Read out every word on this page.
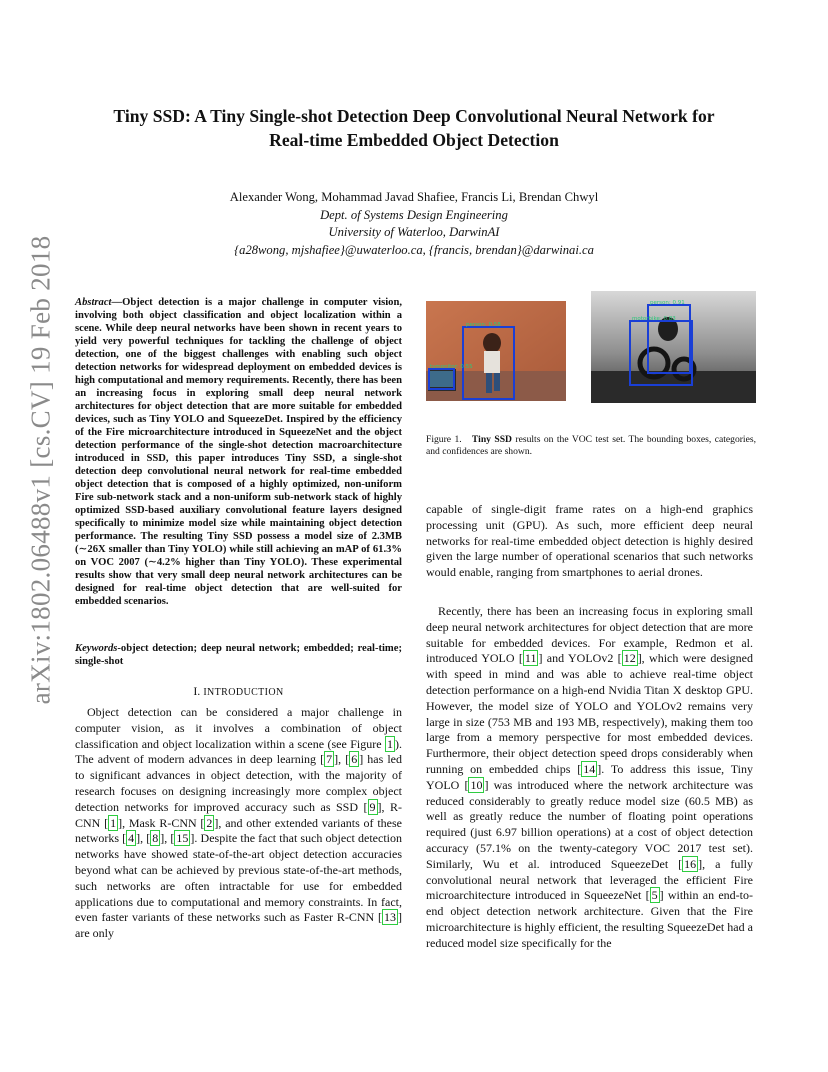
arXiv:1802.06488v1 [cs.CV] 19 Feb 2018
Tiny SSD: A Tiny Single-shot Detection Deep Convolutional Neural Network for
Real-time Embedded Object Detection
Alexander Wong, Mohammad Javad Shafiee, Francis Li, Brendan Chwyl
Dept. of Systems Design Engineering
University of Waterloo, DarwinAI
{a28wong, mjshafiee}@uwaterloo.ca, {francis, brendan}@darwinai.ca

Abstract—Object detection is a major challenge in computer vision, involving both object classification and object localization within a scene. While deep neural networks have been shown in recent years to yield very powerful techniques for tackling the challenge of object detection, one of the biggest challenges with enabling such object detection networks for widespread deployment on embedded devices is high computational and memory requirements. Recently, there has been an increasing focus in exploring small deep neural network architectures for object detection that are more suitable for embedded devices, such as Tiny YOLO and SqueezeDet. Inspired by the efficiency of the Fire microarchitecture introduced in SqueezeNet and the object detection performance of the single-shot detection macroarchitecture introduced in SSD, this paper introduces Tiny SSD, a single-shot detection deep convolutional neural network for real-time embedded object detection that is composed of a highly optimized, non-uniform Fire sub-network stack and a non-uniform sub-network stack of highly optimized SSD-based auxiliary convolutional feature layers designed specifically to minimize model size while maintaining object detection performance. The resulting Tiny SSD possess a model size of 2.3MB (∼26X smaller than Tiny YOLO) while still achieving an mAP of 61.3% on VOC 2007 (∼4.2% higher than Tiny YOLO). These experimental results show that very small deep neural network architectures can be designed for real-time object detection that are well-suited for embedded scenarios.

Keywords-object detection; deep neural network; embedded; real-time; single-shot

I. INTRODUCTION

Object detection can be considered a major challenge in computer vision, as it involves a combination of object classification and object localization within a scene (see Figure 1 ). The advent of modern advances in deep learning [ 7 ], [ 6 ] has led to significant advances in object detection, with the majority of research focuses on designing increasingly more complex object detection networks for improved accuracy such as SSD [ 9 ], R-CNN [ 1 ], Mask R-CNN [ 2 ], and other extended variants of these networks [ 4 ], [ 8 ], [ 15 ]. Despite the fact that such object detection networks have showed state-of-the-art object detection accuracies beyond what can be achieved by previous state-of-the-art methods, such networks are often intractable for use for embedded applications due to computational and memory constraints. In fact, even faster variants of these networks such as Faster R-CNN [ 13 ] are only

person: 0.58
tvmonitor: 0.55
person: 0.91
motorbike: 0.83
Figure 1. Tiny SSD results on the VOC test set. The bounding boxes, categories, and confidences are shown.

capable of single-digit frame rates on a high-end graphics processing unit (GPU). As such, more efficient deep neural networks for real-time embedded object detection is highly desired given the large number of operational scenarios that such networks would enable, ranging from smartphones to aerial drones.

Recently, there has been an increasing focus in exploring small deep neural network architectures for object detection that are more suitable for embedded devices. For example, Redmon et al. introduced YOLO [ 11 ] and YOLOv2 [ 12 ], which were designed with speed in mind and was able to achieve real-time object detection performance on a high-end Nvidia Titan X desktop GPU. However, the model size of YOLO and YOLOv2 remains very large in size (753 MB and 193 MB, respectively), making them too large from a memory perspective for most embedded devices. Furthermore, their object detection speed drops considerably when running on embedded chips [ 14 ]. To address this issue, Tiny YOLO [ 10 ] was introduced where the network architecture was reduced considerably to greatly reduce model size (60.5 MB) as well as greatly reduce the number of floating point operations required (just 6.97 billion operations) at a cost of object detection accuracy (57.1% on the twenty-category VOC 2017 test set). Similarly, Wu et al. introduced SqueezeDet [ 16 ], a fully convolutional neural network that leveraged the efficient Fire microarchitecture introduced in SqueezeNet [ 5 ] within an end-to-end object detection network architecture. Given that the Fire microarchitecture is highly efficient, the resulting SqueezeDet had a reduced model size specifically for the
